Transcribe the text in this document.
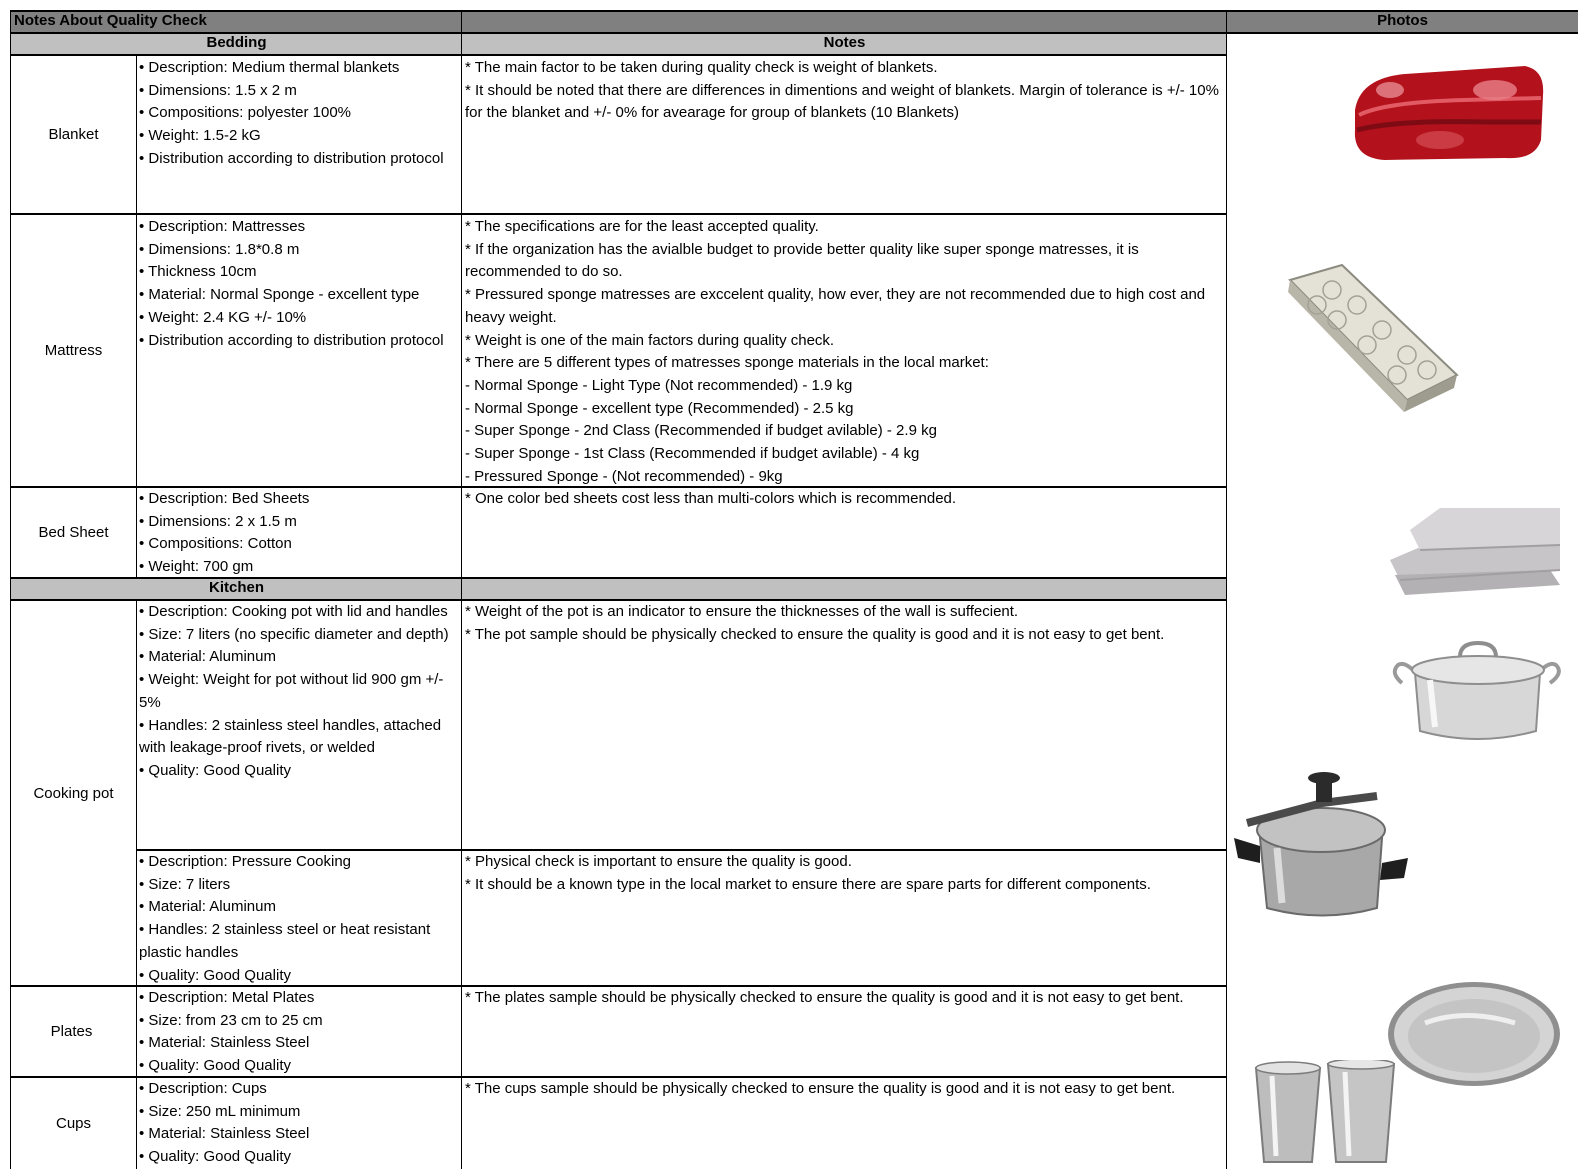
Notes About Quality Check	Photos
Bedding	Notes
Kitchen
Blanket
Mattress
Bed Sheet
Cooking pot
Plates
Cups
• Description: Medium thermal blankets
• Dimensions: 1.5 x 2 m
• Compositions: polyester 100%
• Weight: 1.5-2 kG
• Distribution according to distribution protocol
• Description: Mattresses
• Dimensions: 1.8*0.8 m
• Thickness 10cm
• Material: Normal Sponge - excellent type
• Weight: 2.4 KG +/- 10%
• Distribution according to distribution protocol
• Description: Bed Sheets
• Dimensions: 2 x 1.5 m
• Compositions: Cotton
• Weight: 700 gm
• Description: Cooking pot with lid and handles
• Size: 7 liters (no specific diameter and depth)
• Material: Aluminum
• Weight: Weight for pot without lid 900 gm +/- 5%
• Handles: 2 stainless steel handles, attached with leakage-proof rivets, or welded
• Quality: Good Quality
• Description: Pressure Cooking
• Size: 7 liters
• Material: Aluminum
• Handles: 2 stainless steel or heat resistant plastic handles
• Quality: Good Quality
• Description: Metal Plates
• Size: from 23 cm to 25 cm
• Material: Stainless Steel
• Quality: Good Quality
• Description: Cups
• Size: 250 mL minimum
• Material: Stainless Steel
• Quality: Good Quality
* The main factor to be taken during quality check is weight of blankets.
* It should be noted that there are differences in dimentions and weight of blankets. Margin of tolerance is +/- 10% for the blanket and +/- 0% for avearage for group of blankets (10 Blankets)
* The specifications are for the least accepted quality.
* If the organization has the avialble budget to provide better quality like super sponge matresses, it is recommended to do so.
* Pressured sponge matresses are exccelent quality, how ever, they are not recommended due to high cost and heavy weight.
* Weight is one of the main factors during quality check.
* There are 5 different types of matresses sponge materials in the local market:
- Normal Sponge - Light Type (Not recommended) - 1.9 kg
- Normal Sponge - excellent type (Recommended) - 2.5 kg
- Super Sponge - 2nd Class (Recommended if budget avilable) - 2.9 kg
- Super Sponge - 1st Class (Recommended if budget avilable) - 4 kg
- Pressured Sponge - (Not recommended) - 9kg
* One color bed sheets cost less than multi-colors which is recommended.
* Weight of the pot is an indicator to ensure the thicknesses of the wall is suffecient.
* The pot sample should be physically checked to ensure the quality is good and it is not easy to get bent.
* Physical check is important to ensure the quality is good.
* It should be a known type in the local market to ensure there are spare parts for different components.
* The plates sample should be physically checked to ensure the quality is good and it is not easy to get bent.
* The cups sample should be physically checked to ensure the quality is good and it is not easy to get bent.
